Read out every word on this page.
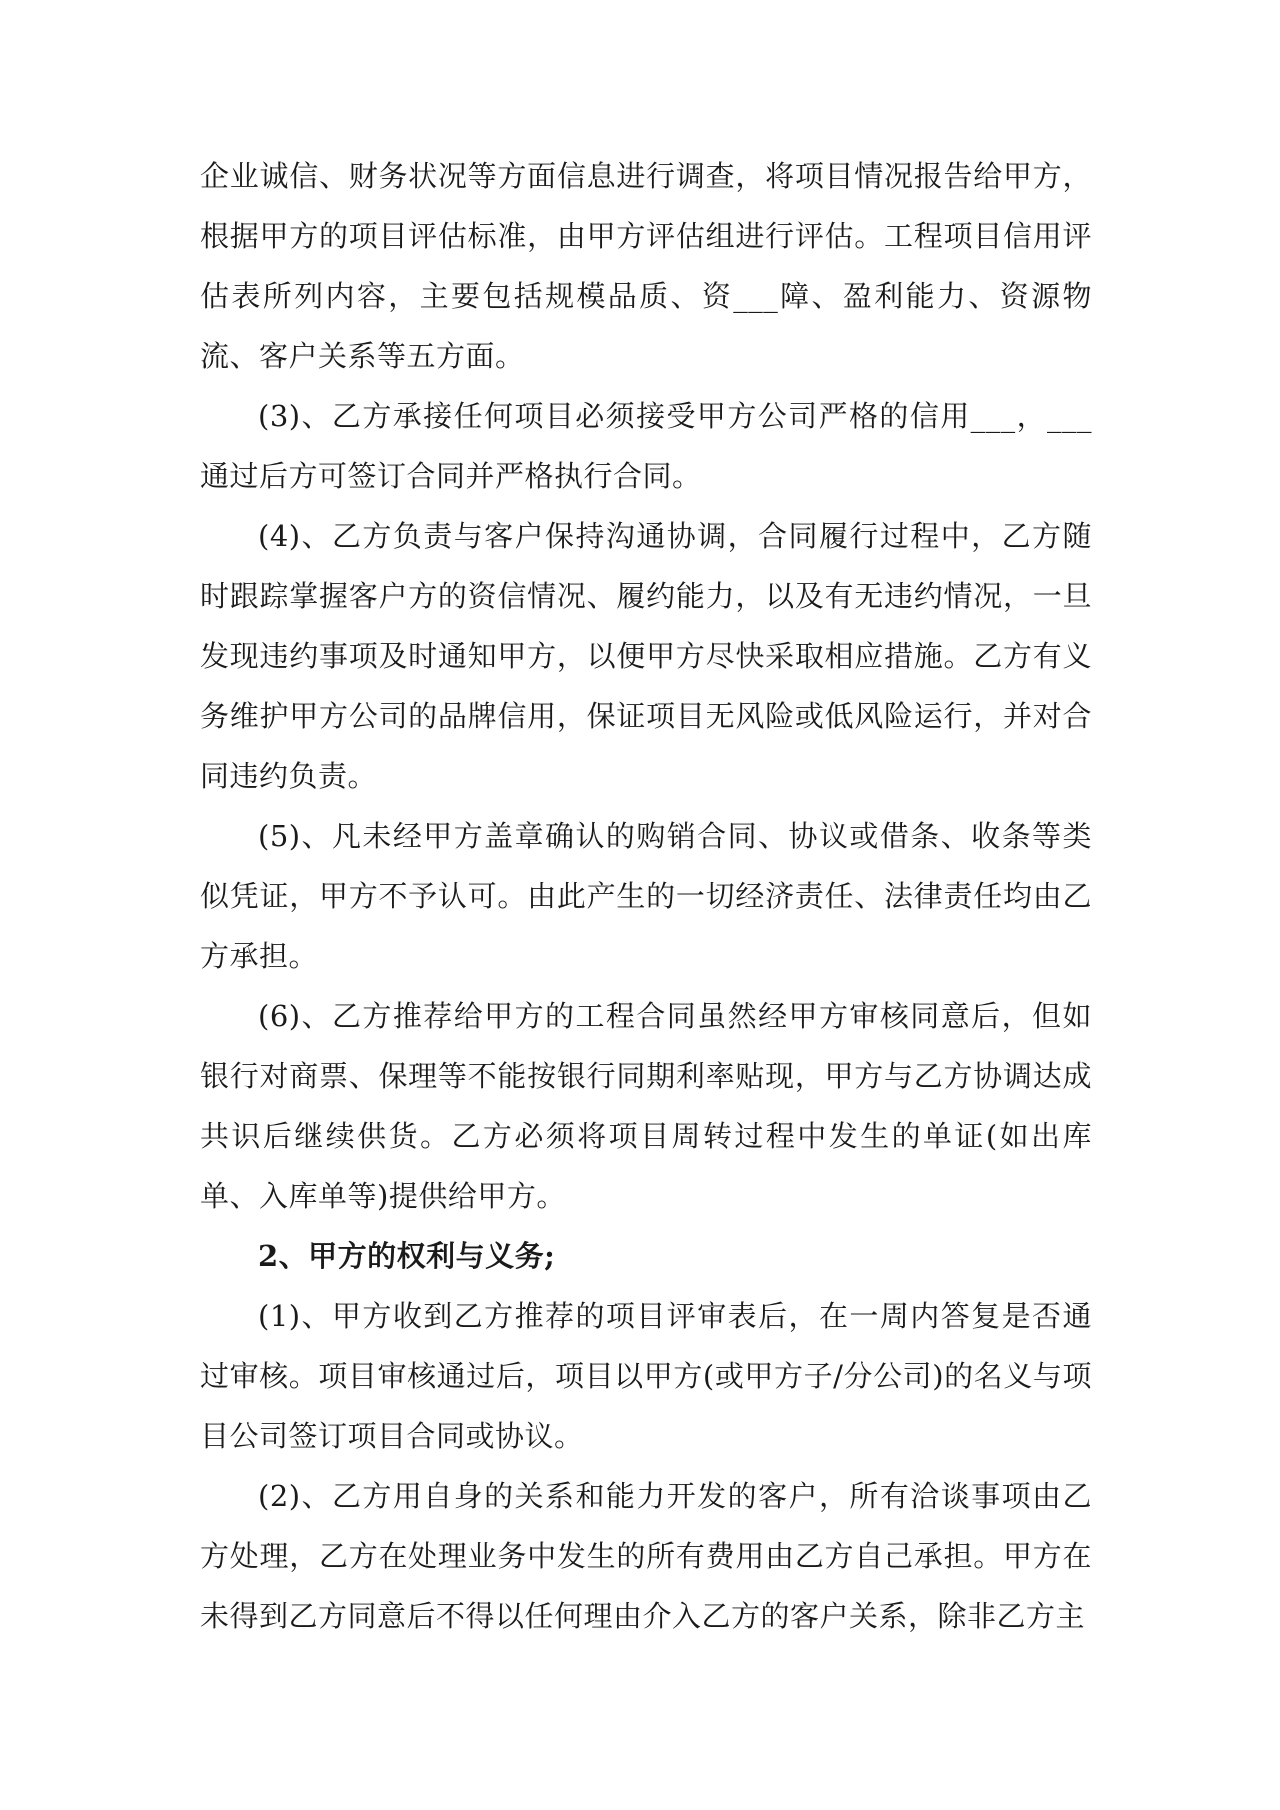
企业诚信、财务状况等方面信息进行调查，将项目情况报告给甲方，根据甲方的项目评估标准，由甲方评估组进行评估。工程项目信用评估表所列内容，主要包括规模品质、资___障、盈利能力、资源物流、客户关系等五方面。

(3)、乙方承接任何项目必须接受甲方公司严格的信用___，___通过后方可签订合同并严格执行合同。

(4)、乙方负责与客户保持沟通协调，合同履行过程中，乙方随时跟踪掌握客户方的资信情况、履约能力，以及有无违约情况，一旦发现违约事项及时通知甲方，以便甲方尽快采取相应措施。乙方有义务维护甲方公司的品牌信用，保证项目无风险或低风险运行，并对合同违约负责。

(5)、凡未经甲方盖章确认的购销合同、协议或借条、收条等类似凭证，甲方不予认可。由此产生的一切经济责任、法律责任均由乙方承担。

(6)、乙方推荐给甲方的工程合同虽然经甲方审核同意后，但如银行对商票、保理等不能按银行同期利率贴现，甲方与乙方协调达成共识后继续供货。乙方必须将项目周转过程中发生的单证(如出库单、入库单等)提供给甲方。

2、甲方的权利与义务;

(1)、甲方收到乙方推荐的项目评审表后，在一周内答复是否通过审核。项目审核通过后，项目以甲方(或甲方子/分公司)的名义与项目公司签订项目合同或协议。

(2)、乙方用自身的关系和能力开发的客户，所有洽谈事项由乙方处理，乙方在处理业务中发生的所有费用由乙方自己承担。甲方在未得到乙方同意后不得以任何理由介入乙方的客户关系，除非乙方主
